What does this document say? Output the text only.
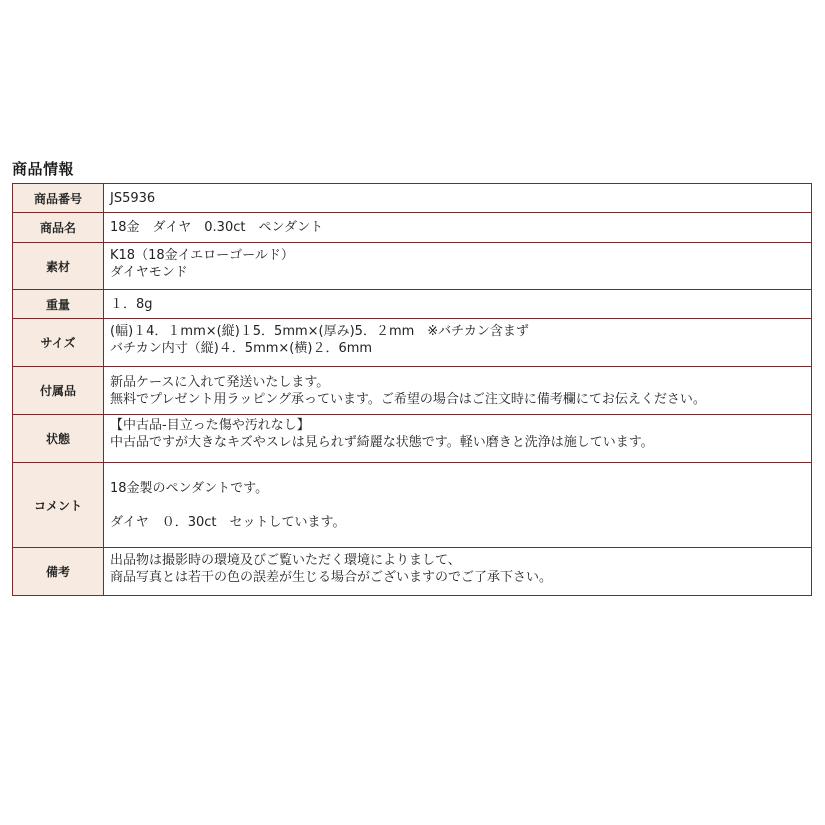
商品情報
商品番号	JS5936

商品名	18金　ダイヤ　0.30ct　ペンダント

素材	K18（18金イエローゴールド）
ダイヤモンド

重量	１．8g

サイズ	(幅)１4．１mm×(縦)１5．5mm×(厚み)5．２mm　※バチカン含まず
バチカン内寸（縦)４．5mm×(横)２．6mm

付属品	新品ケースに入れて発送いたします。
無料でプレゼント用ラッピング承っています。ご希望の場合はご注文時に備考欄にてお伝えください。

状態	【中古品-目立った傷や汚れなし】
中古品ですが大きなキズやスレは見られず綺麗な状態です。軽い磨きと洗浄は施しています。

コメント	18金製のペンダントです。
ダイヤ　０．30ct　セットしています。

備考	出品物は撮影時の環境及びご覧いただく環境によりまして、
商品写真とは若干の色の誤差が生じる場合がございますのでご了承下さい。
